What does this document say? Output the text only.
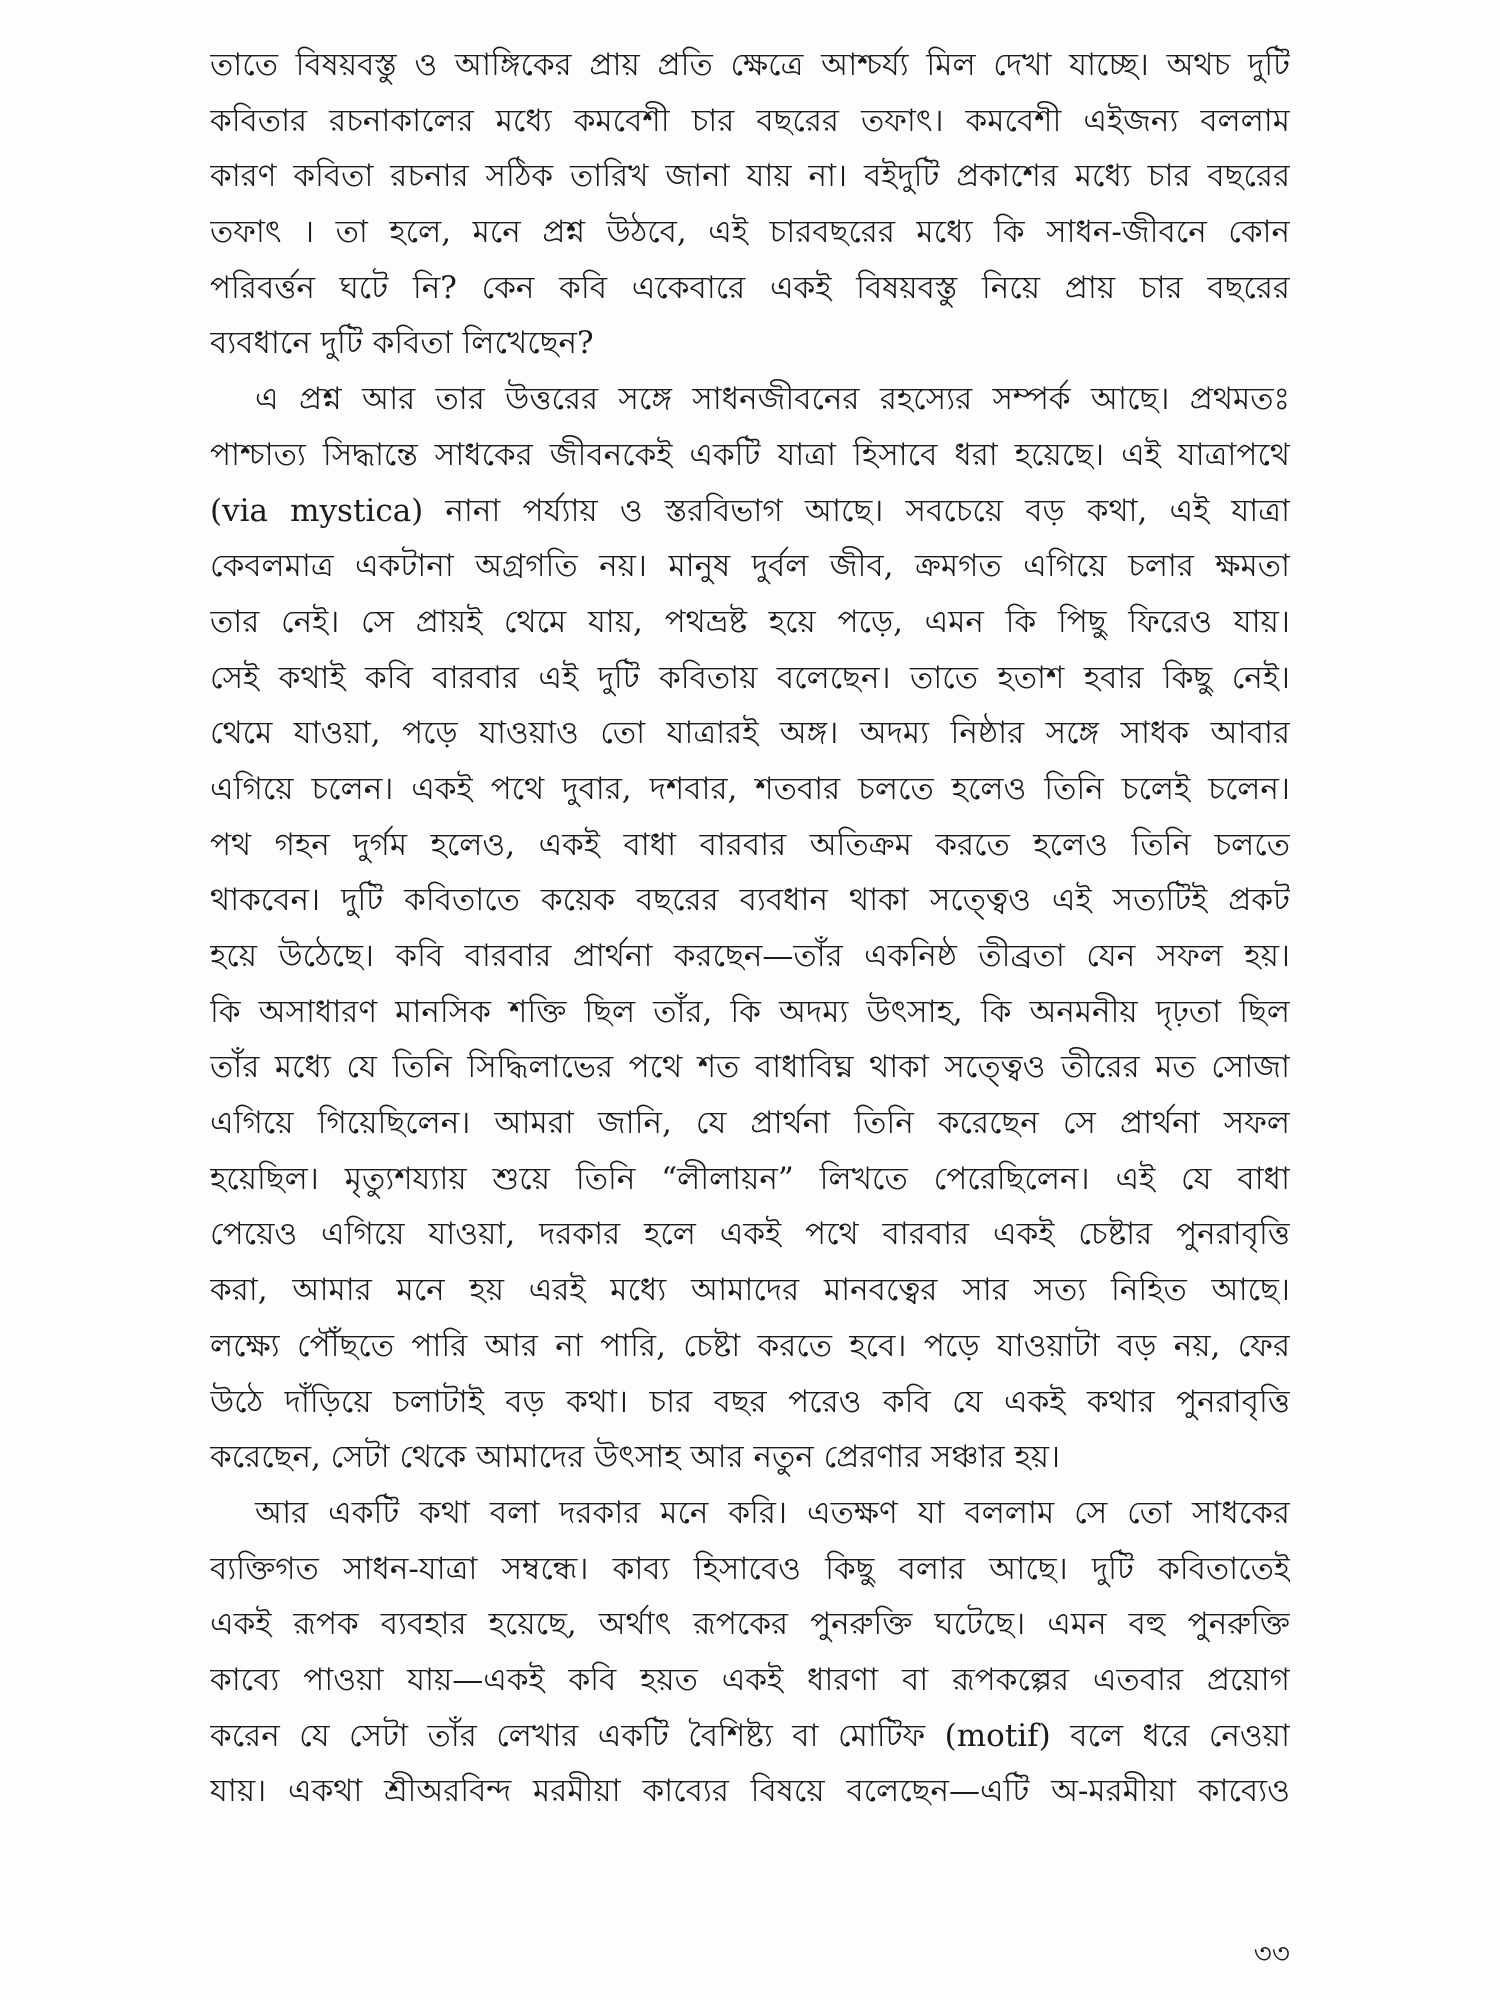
তাতে বিষয়বস্তু ও আঙ্গিকের প্রায় প্রতি ক্ষেত্রে আশ্চর্য্য মিল দেখা যাচ্ছে। অথচ দুটি

কবিতার রচনাকালের মধ্যে কমবেশী চার বছরের তফাৎ। কমবেশী এইজন্য বললাম

কারণ কবিতা রচনার সঠিক তারিখ জানা যায় না। বইদুটি প্রকাশের মধ্যে চার বছরের

তফাৎ । তা হলে, মনে প্রশ্ন উঠবে, এই চারবছরের মধ্যে কি সাধন-জীবনে কোন

পরিবর্ত্তন ঘটে নি? কেন কবি একেবারে একই বিষয়বস্তু নিয়ে প্রায় চার বছরের

ব্যবধানে দুটি কবিতা লিখেছেন?

এ প্রশ্ন আর তার উত্তরের সঙ্গে সাধনজীবনের রহস্যের সম্পর্ক আছে। প্রথমতঃ

পাশ্চাত্য সিদ্ধান্তে সাধকের জীবনকেই একটি যাত্রা হিসাবে ধরা হয়েছে। এই যাত্রাপথে

(via mystica) নানা পর্য্যায় ও স্তরবিভাগ আছে। সবচেয়ে বড় কথা, এই যাত্রা

কেবলমাত্র একটানা অগ্রগতি নয়। মানুষ দুর্বল জীব, ক্রমগত এগিয়ে চলার ক্ষমতা

তার নেই। সে প্রায়ই থেমে যায়, পথভ্রষ্ট হয়ে পড়ে, এমন কি পিছু ফিরেও যায়।

সেই কথাই কবি বারবার এই দুটি কবিতায় বলেছেন। তাতে হতাশ হবার কিছু নেই।

থেমে যাওয়া, পড়ে যাওয়াও তো যাত্রারই অঙ্গ। অদম্য নিষ্ঠার সঙ্গে সাধক আবার

এগিয়ে চলেন। একই পথে দুবার, দশবার, শতবার চলতে হলেও তিনি চলেই চলেন।

পথ গহন দুর্গম হলেও, একই বাধা বারবার অতিক্রম করতে হলেও তিনি চলতে

থাকবেন। দুটি কবিতাতে কয়েক বছরের ব্যবধান থাকা সত্ত্বেও এই সত্যটিই প্রকট

হয়ে উঠেছে। কবি বারবার প্রার্থনা করছেন—তাঁর একনিষ্ঠ তীব্রতা যেন সফল হয়।

কি অসাধারণ মানসিক শক্তি ছিল তাঁর, কি অদম্য উৎসাহ, কি অনমনীয় দৃঢ়তা ছিল

তাঁর মধ্যে যে তিনি সিদ্ধিলাভের পথে শত বাধাবিঘ্ন থাকা সত্ত্বেও তীরের মত সোজা

এগিয়ে গিয়েছিলেন। আমরা জানি, যে প্রার্থনা তিনি করেছেন সে প্রার্থনা সফল

হয়েছিল। মৃত্যুশয্যায় শুয়ে তিনি “লীলায়ন” লিখতে পেরেছিলেন। এই যে বাধা

পেয়েও এগিয়ে যাওয়া, দরকার হলে একই পথে বারবার একই চেষ্টার পুনরাবৃত্তি

করা, আমার মনে হয় এরই মধ্যে আমাদের মানবত্বের সার সত্য নিহিত আছে।

লক্ষ্যে পৌঁছতে পারি আর না পারি, চেষ্টা করতে হবে। পড়ে যাওয়াটা বড় নয়, ফের

উঠে দাঁড়িয়ে চলাটাই বড় কথা। চার বছর পরেও কবি যে একই কথার পুনরাবৃত্তি

করেছেন, সেটা থেকে আমাদের উৎসাহ আর নতুন প্রেরণার সঞ্চার হয়।

আর একটি কথা বলা দরকার মনে করি। এতক্ষণ যা বললাম সে তো সাধকের

ব্যক্তিগত সাধন-যাত্রা সম্বন্ধে। কাব্য হিসাবেও কিছু বলার আছে। দুটি কবিতাতেই

একই রূপক ব্যবহার হয়েছে, অর্থাৎ রূপকের পুনরুক্তি ঘটেছে। এমন বহু পুনরুক্তি

কাব্যে পাওয়া যায়—একই কবি হয়ত একই ধারণা বা রূপকল্পের এতবার প্রয়োগ

করেন যে সেটা তাঁর লেখার একটি বৈশিষ্ট্য বা মোটিফ (motif) বলে ধরে নেওয়া

যায়। একথা শ্রীঅরবিন্দ মরমীয়া কাব্যের বিষয়ে বলেছেন—এটি অ-মরমীয়া কাব্যেও

৩৩
